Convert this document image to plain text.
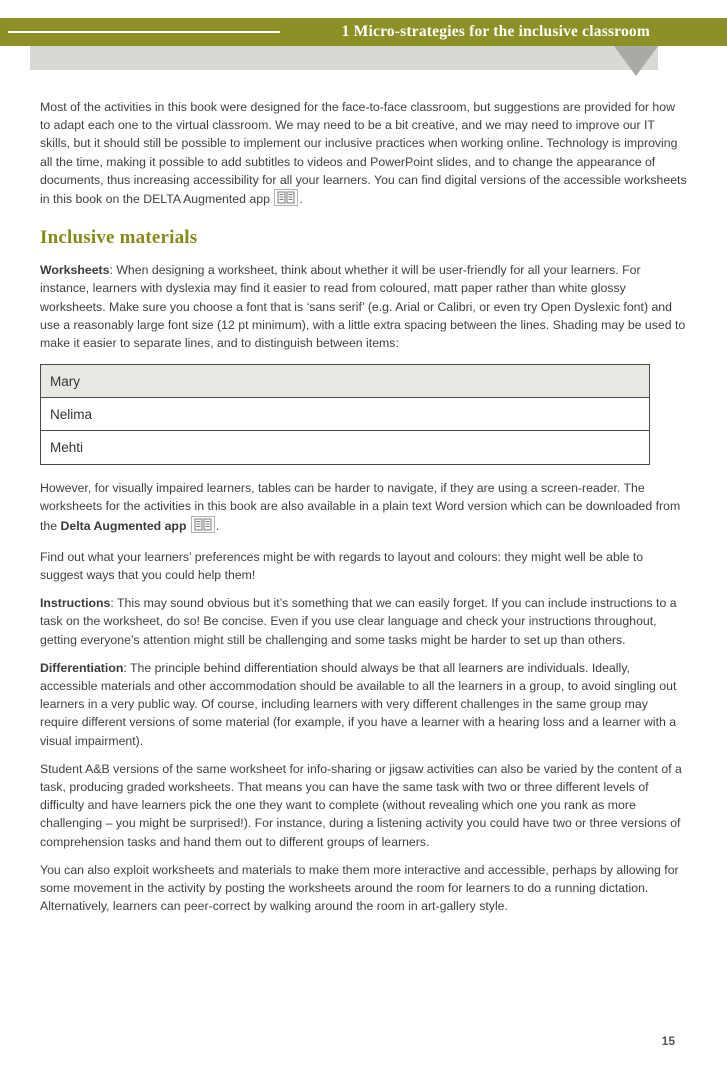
1 Micro-strategies for the inclusive classroom

Most of the activities in this book were designed for the face-to-face classroom, but suggestions are provided for how to adapt each one to the virtual classroom. We may need to be a bit creative, and we may need to improve our IT skills, but it should still be possible to implement our inclusive practices when working online. Technology is improving all the time, making it possible to add subtitles to videos and PowerPoint slides, and to change the appearance of documents, thus increasing accessibility for all your learners. You can find digital versions of the accessible worksheets in this book on the DELTA Augmented app .

Inclusive materials

Worksheets: When designing a worksheet, think about whether it will be user-friendly for all your learners. For instance, learners with dyslexia may find it easier to read from coloured, matt paper rather than white glossy worksheets. Make sure you choose a font that is ‘sans serif’ (e.g. Arial or Calibri, or even try Open Dyslexic font) and use a reasonably large font size (12 pt minimum), with a little extra spacing between the lines. Shading may be used to make it easier to separate lines, and to distinguish between items:

Mary
Nelima
Mehti

However, for visually impaired learners, tables can be harder to navigate, if they are using a screen-reader. The worksheets for the activities in this book are also available in a plain text Word version which can be downloaded from the Delta Augmented app .

Find out what your learners’ preferences might be with regards to layout and colours: they might well be able to suggest ways that you could help them!

Instructions: This may sound obvious but it’s something that we can easily forget. If you can include instructions to a task on the worksheet, do so! Be concise. Even if you use clear language and check your instructions throughout, getting everyone’s attention might still be challenging and some tasks might be harder to set up than others.

Differentiation: The principle behind differentiation should always be that all learners are individuals. Ideally, accessible materials and other accommodation should be available to all the learners in a group, to avoid singling out learners in a very public way. Of course, including learners with very different challenges in the same group may require different versions of some material (for example, if you have a learner with a hearing loss and a learner with a visual impairment).

Student A&B versions of the same worksheet for info-sharing or jigsaw activities can also be varied by the content of a task, producing graded worksheets. That means you can have the same task with two or three different levels of difficulty and have learners pick the one they want to complete (without revealing which one you rank as more challenging – you might be surprised!). For instance, during a listening activity you could have two or three versions of comprehension tasks and hand them out to different groups of learners.

You can also exploit worksheets and materials to make them more interactive and accessible, perhaps by allowing for some movement in the activity by posting the worksheets around the room for learners to do a running dictation. Alternatively, learners can peer-correct by walking around the room in art-gallery style.

15
